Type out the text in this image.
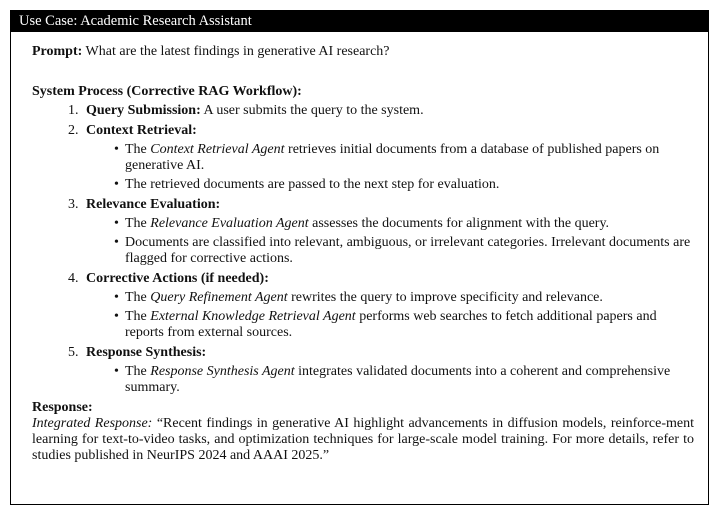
Use Case: Academic Research Assistant
Prompt: What are the latest findings in generative AI research?
System Process (Corrective RAG Workflow):
1. Query Submission: A user submits the query to the system.
2. Context Retrieval:
• The Context Retrieval Agent retrieves initial documents from a database of published papers on generative AI.
• The retrieved documents are passed to the next step for evaluation.
3. Relevance Evaluation:
• The Relevance Evaluation Agent assesses the documents for alignment with the query.
• Documents are classified into relevant, ambiguous, or irrelevant categories. Irrelevant documents are flagged for corrective actions.
4. Corrective Actions (if needed):
• The Query Refinement Agent rewrites the query to improve specificity and relevance.
• The External Knowledge Retrieval Agent performs web searches to fetch additional papers and reports from external sources.
5. Response Synthesis:
• The Response Synthesis Agent integrates validated documents into a coherent and comprehensive summary.
Response:
Integrated Response: “Recent findings in generative AI highlight advancements in diffusion models, reinforce-ment learning for text-to-video tasks, and optimization techniques for large-scale model training. For more details, refer to studies published in NeurIPS 2024 and AAAI 2025.”
